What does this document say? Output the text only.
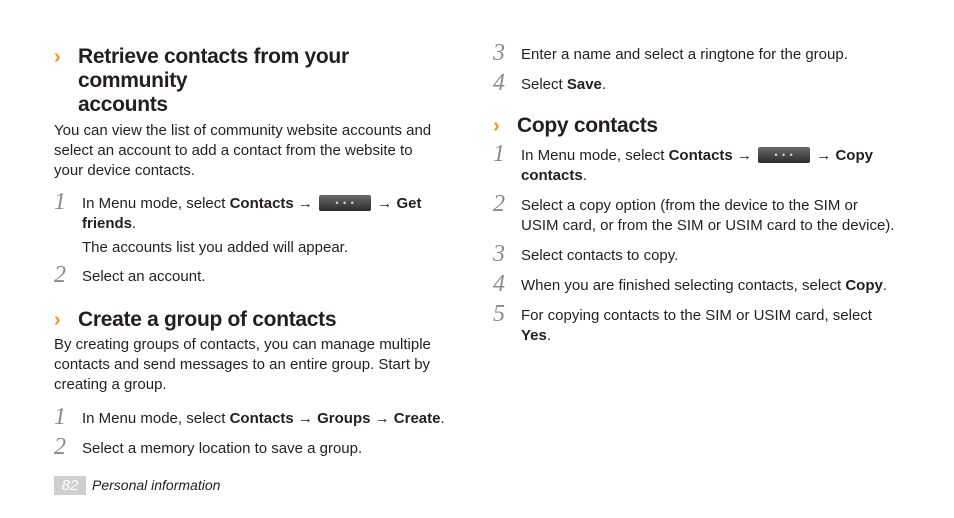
› Retrieve contacts from your community
accounts
You can view the list of community website accounts and
select an account to add a contact from the website to
your device contacts.
1 In Menu mode, select Contacts →	• • •	→ Get
friends.
The accounts list you added will appear.
2 Select an account.
› Create a group of contacts
By creating groups of contacts, you can manage multiple
contacts and send messages to an entire group. Start by
creating a group.
1 In Menu mode, select Contacts → Groups → Create.
2 Select a memory location to save a group.
3 Enter a name and select a ringtone for the group.
4 Select Save.
› Copy contacts
1 In Menu mode, select Contacts →	• • •	→ Copy
contacts.
2 Select a copy option (from the device to the SIM or
USIM card, or from the SIM or USIM card to the device).
3 Select contacts to copy.
4 When you are finished selecting contacts, select Copy.
5 For copying contacts to the SIM or USIM card, select
Yes.
82 Personal information
